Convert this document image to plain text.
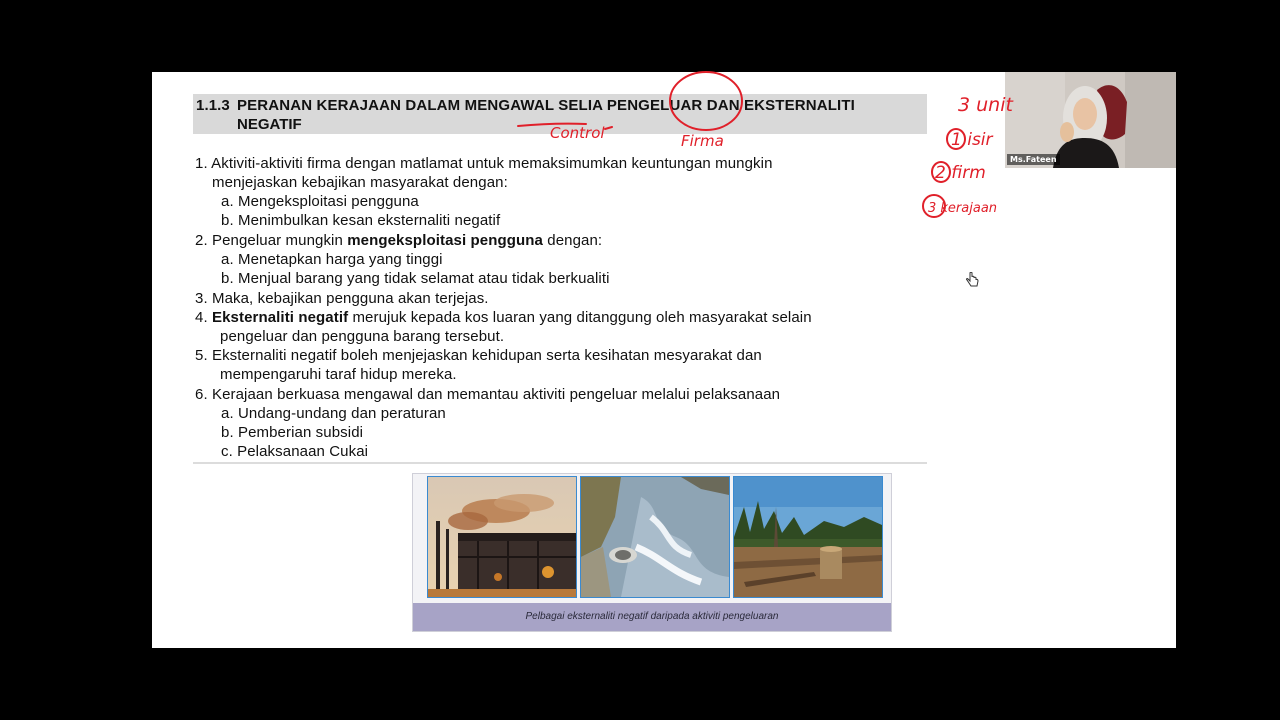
1.1.3 PERANAN KERAJAAN DALAM MENGAWAL SELIA PENGELUAR DAN EKSTERNALITI
NEGATIF
1. Aktiviti-aktiviti firma dengan matlamat untuk memaksimumkan keuntungan mungkin
menjejaskan kebajikan masyarakat dengan:
a. Mengeksploitasi pengguna
b. Menimbulkan kesan eksternaliti negatif
2. Pengeluar mungkin mengeksploitasi pengguna dengan:
a. Menetapkan harga yang tinggi
b. Menjual barang yang tidak selamat atau tidak berkualiti
3. Maka, kebajikan pengguna akan terjejas.
4. Eksternaliti negatif merujuk kepada kos luaran yang ditanggung oleh masyarakat selain
pengeluar dan pengguna barang tersebut.
5. Eksternaliti negatif boleh menjejaskan kehidupan serta kesihatan mesyarakat dan
mempengaruhi taraf hidup mereka.
6. Kerajaan berkuasa mengawal dan memantau aktiviti pengeluar melalui pelaksanaan
a. Undang-undang dan peraturan
b. Pemberian subsidi
c. Pelaksanaan Cukai
Pelbagai eksternaliti negatif daripada aktiviti pengeluaran
Ms.Fateen
Control	Firma
3 unit
1 isir
2 firm
3 kerajaan
